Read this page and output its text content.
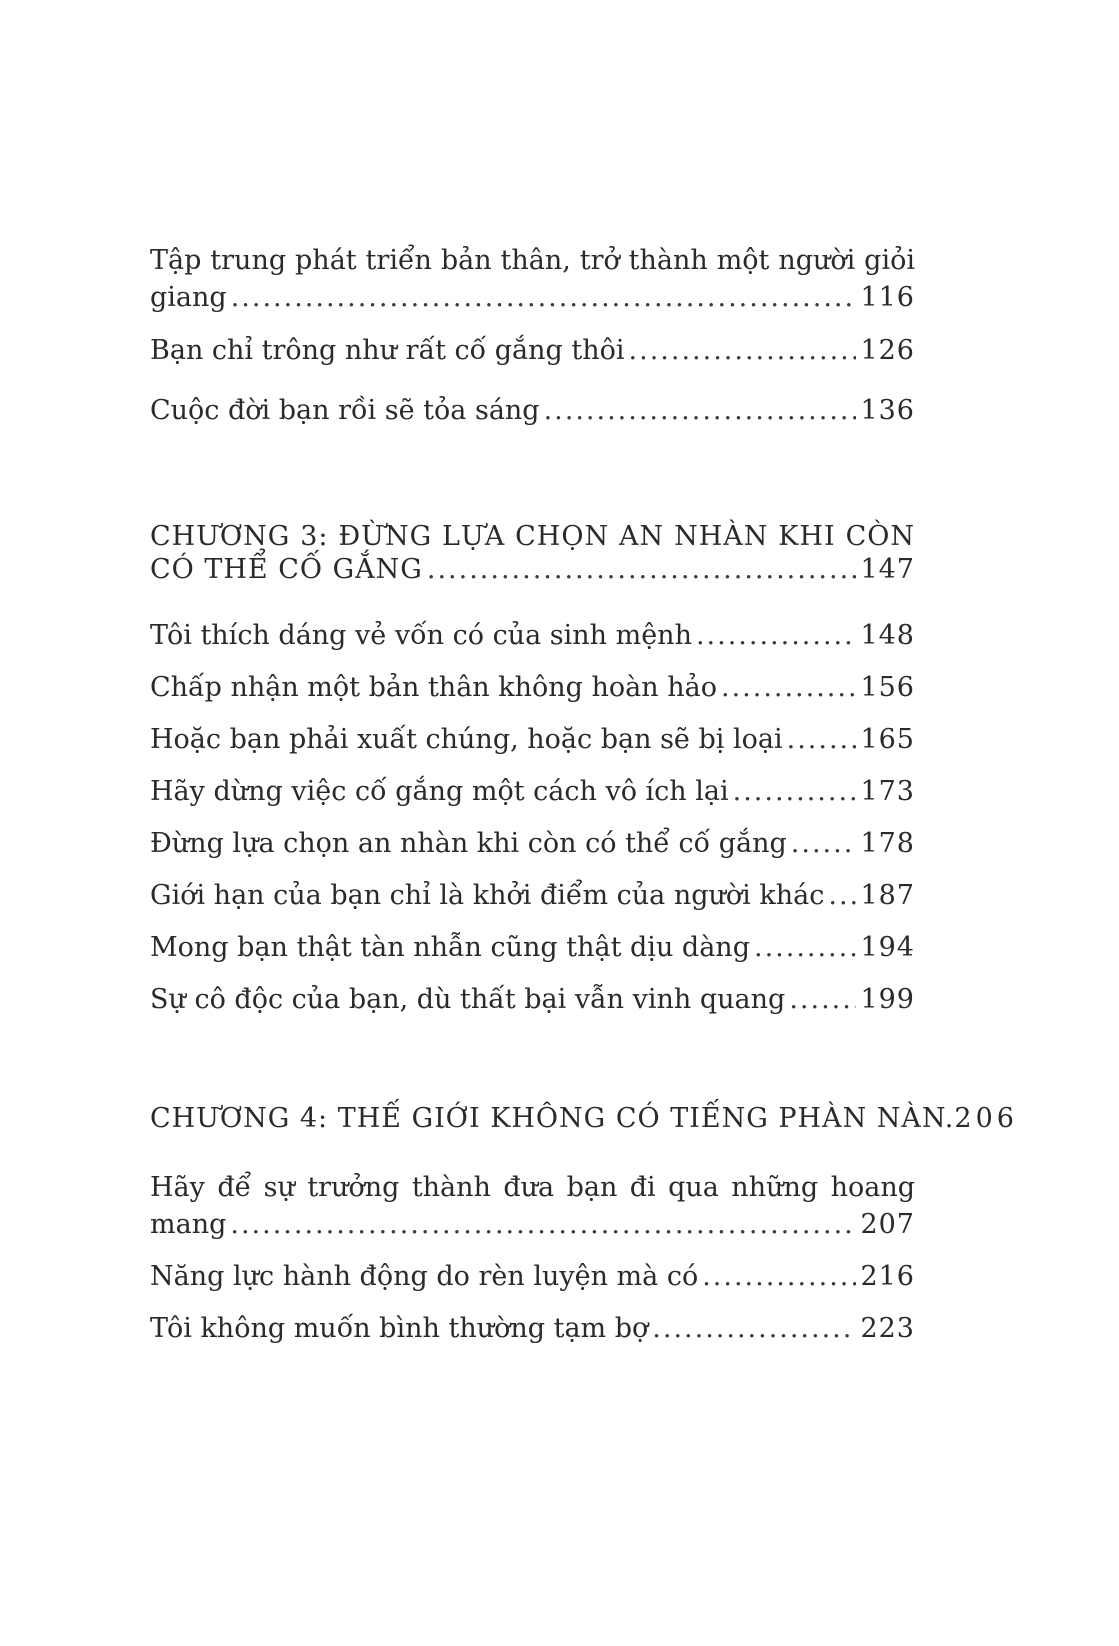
Tập trung phát triển bản thân, trở thành một người giỏi
giang .....	116
Bạn chỉ trông như rất cố gắng thôi .....	126
Cuộc đời bạn rồi sẽ tỏa sáng .....	136
CHƯƠNG 3: ĐỪNG LỰA CHỌN AN NHÀN KHI CÒN
CÓ THỂ CỐ GẮNG .....	147
Tôi thích dáng vẻ vốn có của sinh mệnh .....	148
Chấp nhận một bản thân không hoàn hảo .....	156
Hoặc bạn phải xuất chúng, hoặc bạn sẽ bị loại .....	165
Hãy dừng việc cố gắng một cách vô ích lại .....	173
Đừng lựa chọn an nhàn khi còn có thể cố gắng .....	178
Giới hạn của bạn chỉ là khởi điểm của người khác ..... 187
Mong bạn thật tàn nhẫn cũng thật dịu dàng .....	194
Sự cô độc của bạn, dù thất bại vẫn vinh quang .....	199
CHƯƠNG 4: THẾ GIỚI KHÔNG CÓ TIẾNG PHÀN NÀN. 206
Hãy để sự trưởng thành đưa bạn đi qua những hoang
mang .....	207
Năng lực hành động do rèn luyện mà có .....	216
Tôi không muốn bình thường tạm bợ .....	223
